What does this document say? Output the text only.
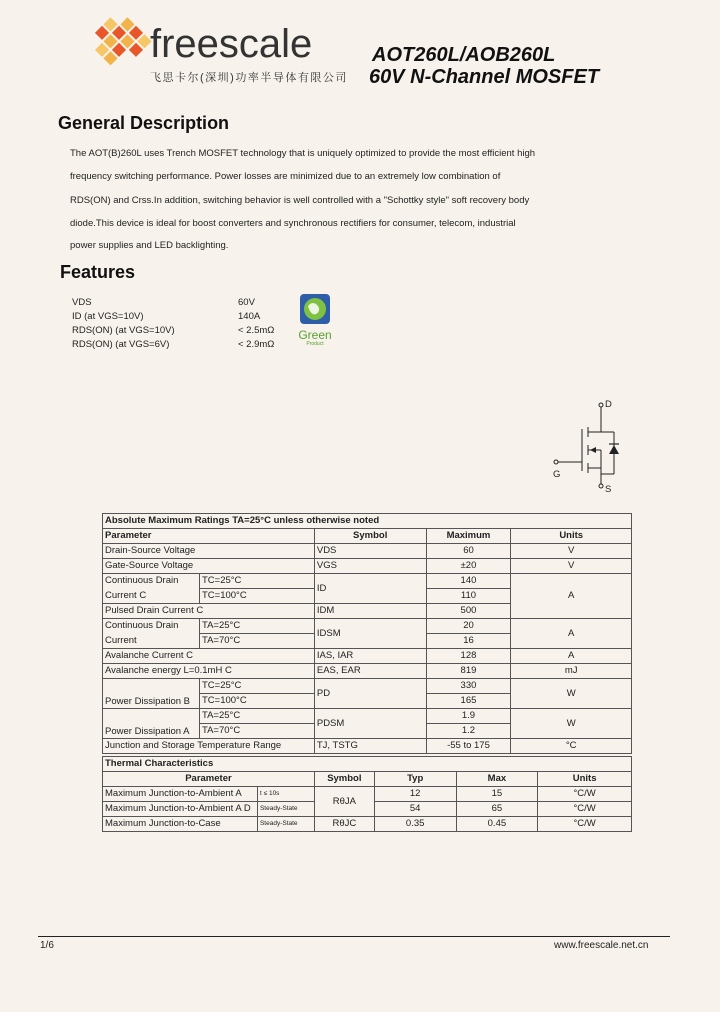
freescale
飞思卡尔(深圳)功率半导体有限公司
AOT260L/AOB260L
60V N-Channel MOSFET
General Description
The AOT(B)260L uses Trench MOSFET technology that is uniquely optimized to provide the most efficient high
frequency switching performance. Power losses are minimized due to an extremely low combination of
RDS(ON) and Crss.In addition, switching behavior is well controlled with a "Schottky style" soft recovery body
diode.This device is ideal for boost converters and synchronous rectifiers for consumer, telecom, industrial
power supplies and LED backlighting.
Features
VDS	60V
ID (at VGS=10V)	140A
RDS(ON) (at VGS=10V)	< 2.5mΩ
RDS(ON) (at VGS=6V)	< 2.9mΩ
Green
Product
D
G
S
Absolute Maximum Ratings TA=25°C unless otherwise noted				
Parameter		Symbol	Maximum	Units
Drain-Source Voltage		VDS	60	V
Gate-Source Voltage		VGS	±20	V
Continuous Drain	TC=25°C	ID	140	A
Current C	TC=100°C		110	
Pulsed Drain Current C		IDM	500	
Continuous Drain	TA=25°C	IDSM	20	A
Current	TA=70°C		16	
Avalanche Current C		IAS, IAR	128	A
Avalanche energy L=0.1mH C		EAS, EAR	819	mJ
Power Dissipation B	TC=25°C	PD	330	W
	TC=100°C		165	
Power Dissipation A	TA=25°C	PDSM	1.9	W
	TA=70°C		1.2	
Junction and Storage Temperature Range		TJ, TSTG	-55 to 175	°C
Thermal Characteristics					
Parameter		Symbol	Typ	Max	Units
Maximum Junction-to-Ambient A	t ≤ 10s	RθJA	12	15	°C/W
Maximum Junction-to-Ambient A D	Steady-State		54	65	°C/W
Maximum Junction-to-Case	Steady-State	RθJC	0.35	0.45	°C/W
1/6	www.freescale.net.cn
